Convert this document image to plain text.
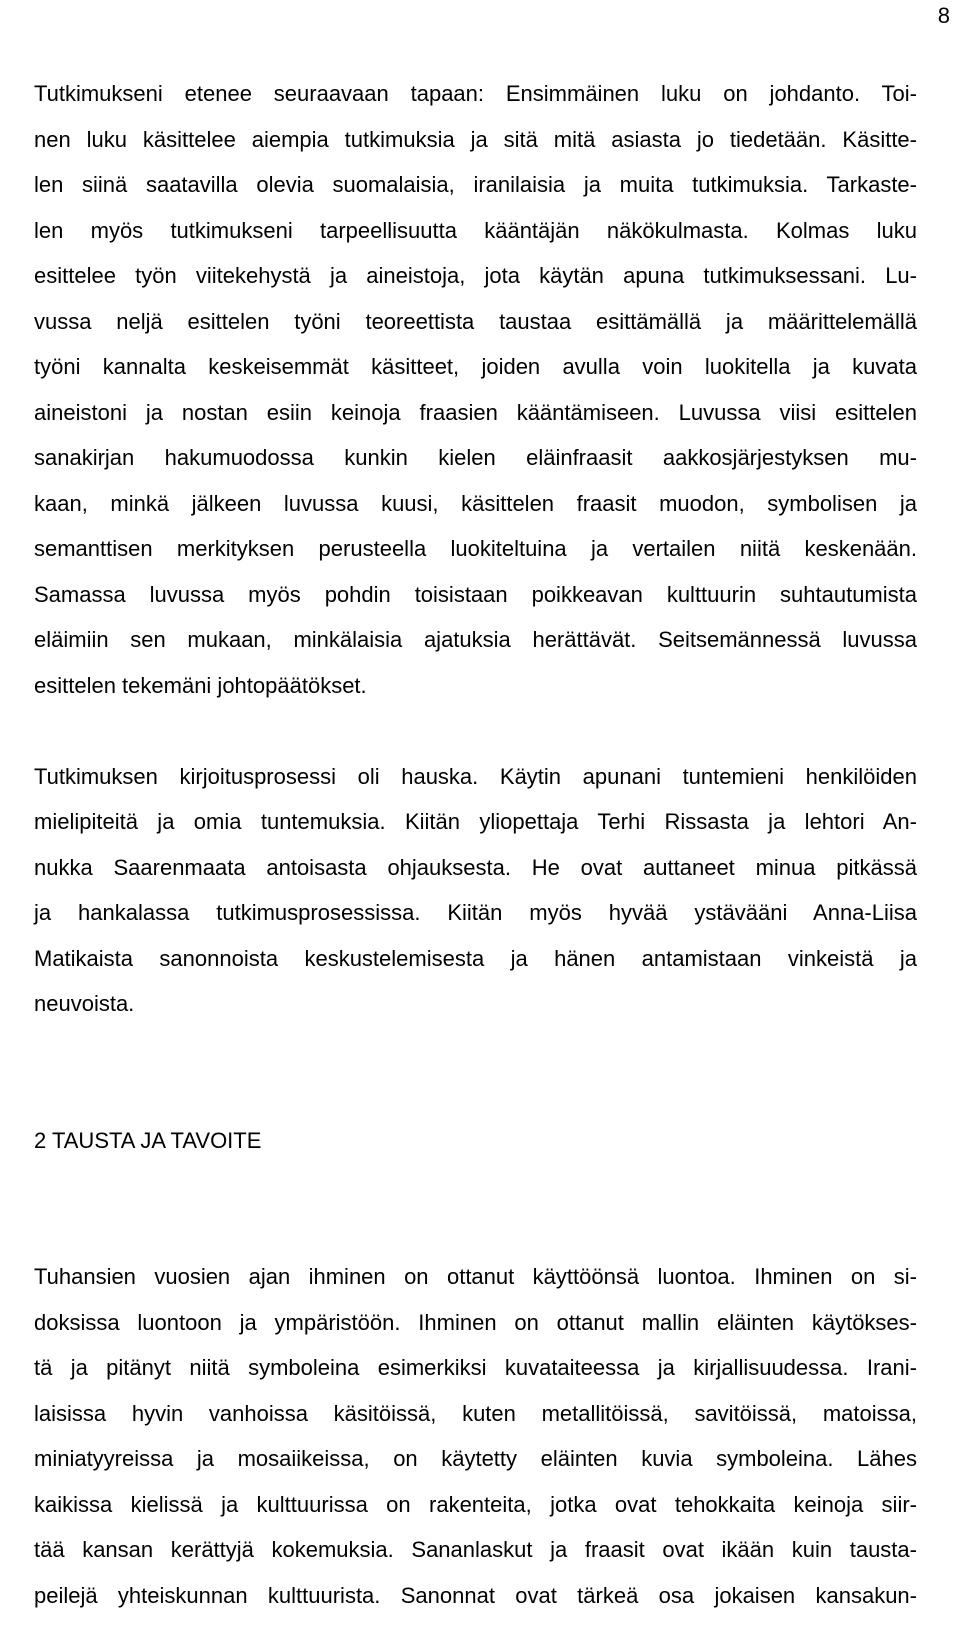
8
Tutkimukseni etenee seuraavaan tapaan: Ensimmäinen luku on johdanto. Toi-
nen luku käsittelee aiempia tutkimuksia ja sitä mitä asiasta jo tiedetään. Käsitte-
len siinä saatavilla olevia suomalaisia, iranilaisia ja muita tutkimuksia. Tarkaste-
len myös tutkimukseni tarpeellisuutta kääntäjän näkökulmasta. Kolmas luku
esittelee työn viitekehystä ja aineistoja, jota käytän apuna tutkimuksessani. Lu-
vussa neljä esittelen työni teoreettista taustaa esittämällä ja määrittelemällä
työni kannalta keskeisemmät käsitteet, joiden avulla voin luokitella ja kuvata
aineistoni ja nostan esiin keinoja fraasien kääntämiseen. Luvussa viisi esittelen
sanakirjan hakumuodossa kunkin kielen eläinfraasit aakkosjärjestyksen mu-
kaan, minkä jälkeen luvussa kuusi, käsittelen fraasit muodon, symbolisen ja
semanttisen merkityksen perusteella luokiteltuina ja vertailen niitä keskenään.
Samassa luvussa myös pohdin toisistaan poikkeavan kulttuurin suhtautumista
eläimiin sen mukaan, minkälaisia ajatuksia herättävät. Seitsemännessä luvussa
esittelen tekemäni johtopäätökset.
Tutkimuksen kirjoitusprosessi oli hauska. Käytin apunani tuntemieni henkilöiden
mielipiteitä ja omia tuntemuksia. Kiitän yliopettaja Terhi Rissasta ja lehtori An-
nukka Saarenmaata antoisasta ohjauksesta. He ovat auttaneet minua pitkässä
ja hankalassa tutkimusprosessissa. Kiitän myös hyvää ystävääni Anna-Liisa
Matikaista sanonnoista keskustelemisesta ja hänen antamistaan vinkeistä ja
neuvoista.
2 TAUSTA JA TAVOITE
Tuhansien vuosien ajan ihminen on ottanut käyttöönsä luontoa. Ihminen on si-
doksissa luontoon ja ympäristöön. Ihminen on ottanut mallin eläinten käytökses-
tä ja pitänyt niitä symboleina esimerkiksi kuvataiteessa ja kirjallisuudessa. Irani-
laisissa hyvin vanhoissa käsitöissä, kuten metallitöissä, savitöissä, matoissa,
miniatyyreissa ja mosaiikeissa, on käytetty eläinten kuvia symboleina. Lähes
kaikissa kielissä ja kulttuurissa on rakenteita, jotka ovat tehokkaita keinoja siir-
tää kansan kerättyjä kokemuksia. Sananlaskut ja fraasit ovat ikään kuin tausta-
peilejä yhteiskunnan kulttuurista. Sanonnat ovat tärkeä osa jokaisen kansakun-
